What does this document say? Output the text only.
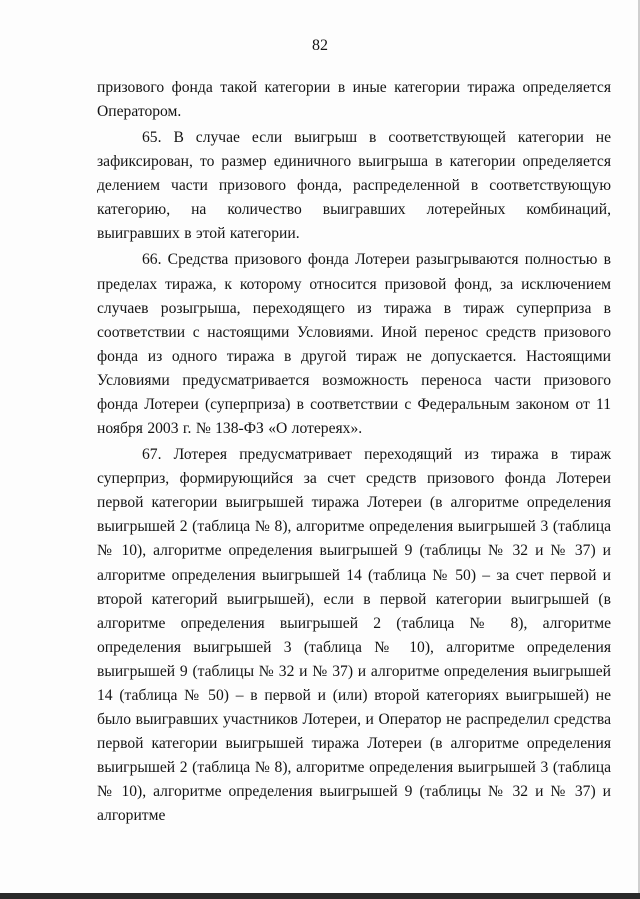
82

призового фонда такой категории в иные категории тиража определяется Оператором.

65. В случае если выигрыш в соответствующей категории не зафиксирован, то размер единичного выигрыша в категории определяется делением части призового фонда, распределенной в соответствующую категорию, на количество выигравших лотерейных комбинаций, выигравших в этой категории.

66. Средства призового фонда Лотереи разыгрываются полностью в пределах тиража, к которому относится призовой фонд, за исключением случаев розыгрыша, переходящего из тиража в тираж суперприза в соответствии с настоящими Условиями. Иной перенос средств призового фонда из одного тиража в другой тираж не допускается. Настоящими Условиями предусматривается возможность переноса части призового фонда Лотереи (суперприза) в соответствии с Федеральным законом от 11 ноября 2003 г. № 138-ФЗ «О лотереях».

67. Лотерея предусматривает переходящий из тиража в тираж суперприз, формирующийся за счет средств призового фонда Лотереи первой категории выигрышей тиража Лотереи (в алгоритме определения выигрышей 2 (таблица № 8), алгоритме определения выигрышей 3 (таблица № 10), алгоритме определения выигрышей 9 (таблицы № 32 и № 37) и алгоритме определения выигрышей 14 (таблица № 50) – за счет первой и второй категорий выигрышей), если в первой категории выигрышей (в алгоритме определения выигрышей 2 (таблица № 8), алгоритме определения выигрышей 3 (таблица № 10), алгоритме определения выигрышей 9 (таблицы № 32 и № 37) и алгоритме определения выигрышей 14 (таблица № 50) – в первой и (или) второй категориях выигрышей) не было выигравших участников Лотереи, и Оператор не распределил средства первой категории выигрышей тиража Лотереи (в алгоритме определения выигрышей 2 (таблица № 8), алгоритме определения выигрышей 3 (таблица № 10), алгоритме определения выигрышей 9 (таблицы № 32 и № 37) и алгоритме
